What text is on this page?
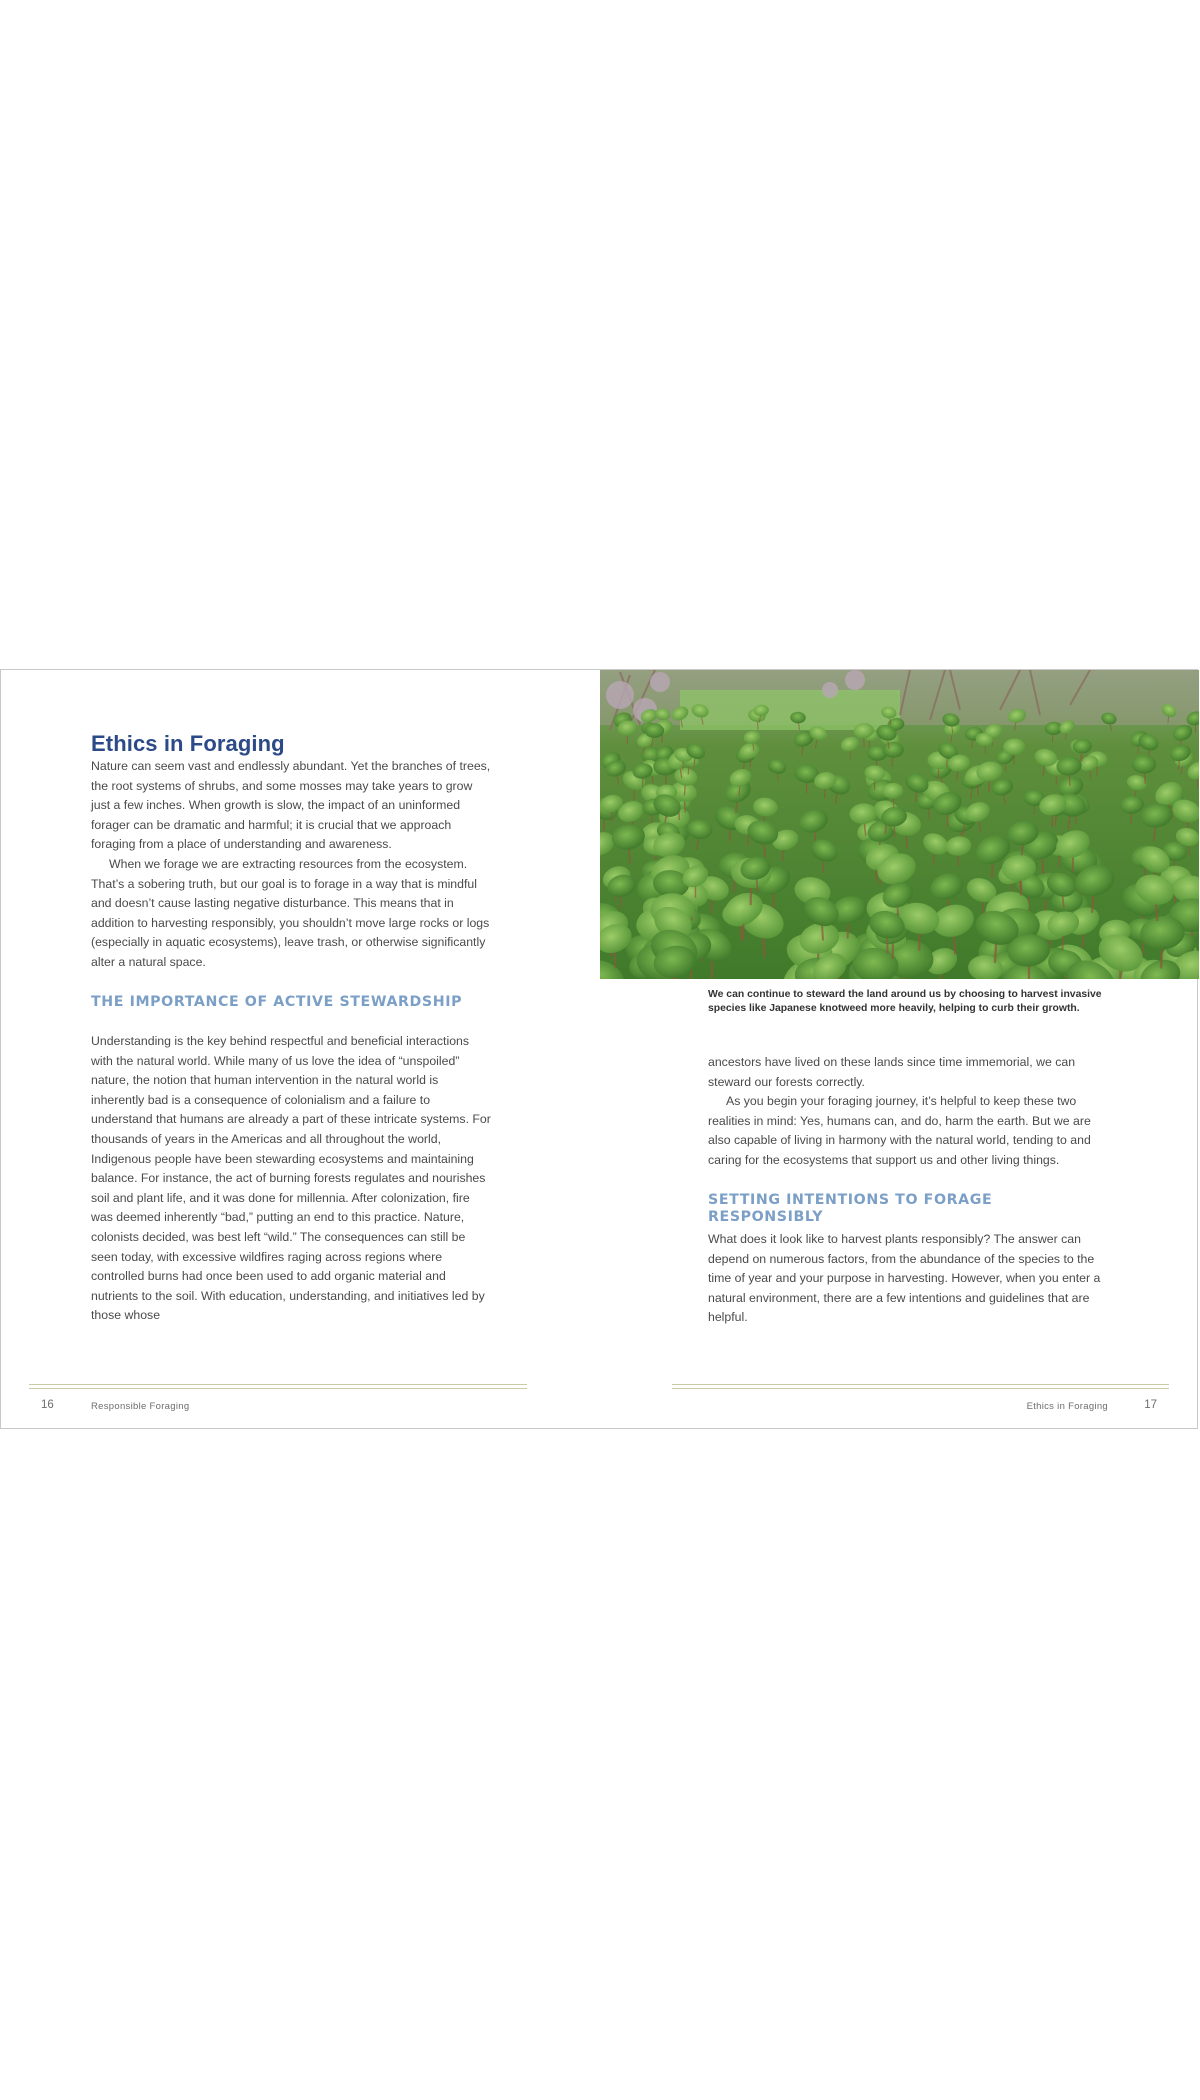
Ethics in Foraging

Nature can seem vast and endlessly abundant. Yet the branches of trees, the root systems of shrubs, and some mosses may take years to grow just a few inches. When growth is slow, the impact of an uninformed forager can be dramatic and harmful; it is crucial that we approach foraging from a place of understanding and awareness.

When we forage we are extracting resources from the ecosystem. That’s a sobering truth, but our goal is to forage in a way that is mindful and doesn’t cause lasting negative disturbance. This means that in addition to harvesting responsibly, you shouldn’t move large rocks or logs (especially in aquatic ecosystems), leave trash, or otherwise significantly alter a natural space.

THE IMPORTANCE OF ACTIVE STEWARDSHIP

Understanding is the key behind respectful and beneficial interactions with the natural world. While many of us love the idea of “unspoiled” nature, the notion that human intervention in the natural world is inherently bad is a consequence of colonialism and a failure to understand that humans are already a part of these intricate systems. For thousands of years in the Americas and all throughout the world, Indigenous people have been stewarding ecosystems and maintaining balance. For instance, the act of burning forests regulates and nourishes soil and plant life, and it was done for millennia. After colonization, fire was deemed inherently “bad,” putting an end to this practice. Nature, colonists decided, was best left “wild.” The consequences can still be seen today, with excessive wildfires raging across regions where controlled burns had once been used to add organic material and nutrients to the soil. With education, understanding, and initiatives led by those whose

16	Responsible Foraging

We can continue to steward the land around us by choosing to harvest invasive species like Japanese knotweed more heavily, helping to curb their growth.

ancestors have lived on these lands since time immemorial, we can steward our forests correctly.

As you begin your foraging journey, it’s helpful to keep these two realities in mind: Yes, humans can, and do, harm the earth. But we are also capable of living in harmony with the natural world, tending to and caring for the ecosystems that support us and other living things.

SETTING INTENTIONS TO FORAGE RESPONSIBLY

What does it look like to harvest plants responsibly? The answer can depend on numerous factors, from the abundance of the species to the time of year and your purpose in harvesting. However, when you enter a natural environment, there are a few intentions and guidelines that are helpful.

Ethics in Foraging	17
